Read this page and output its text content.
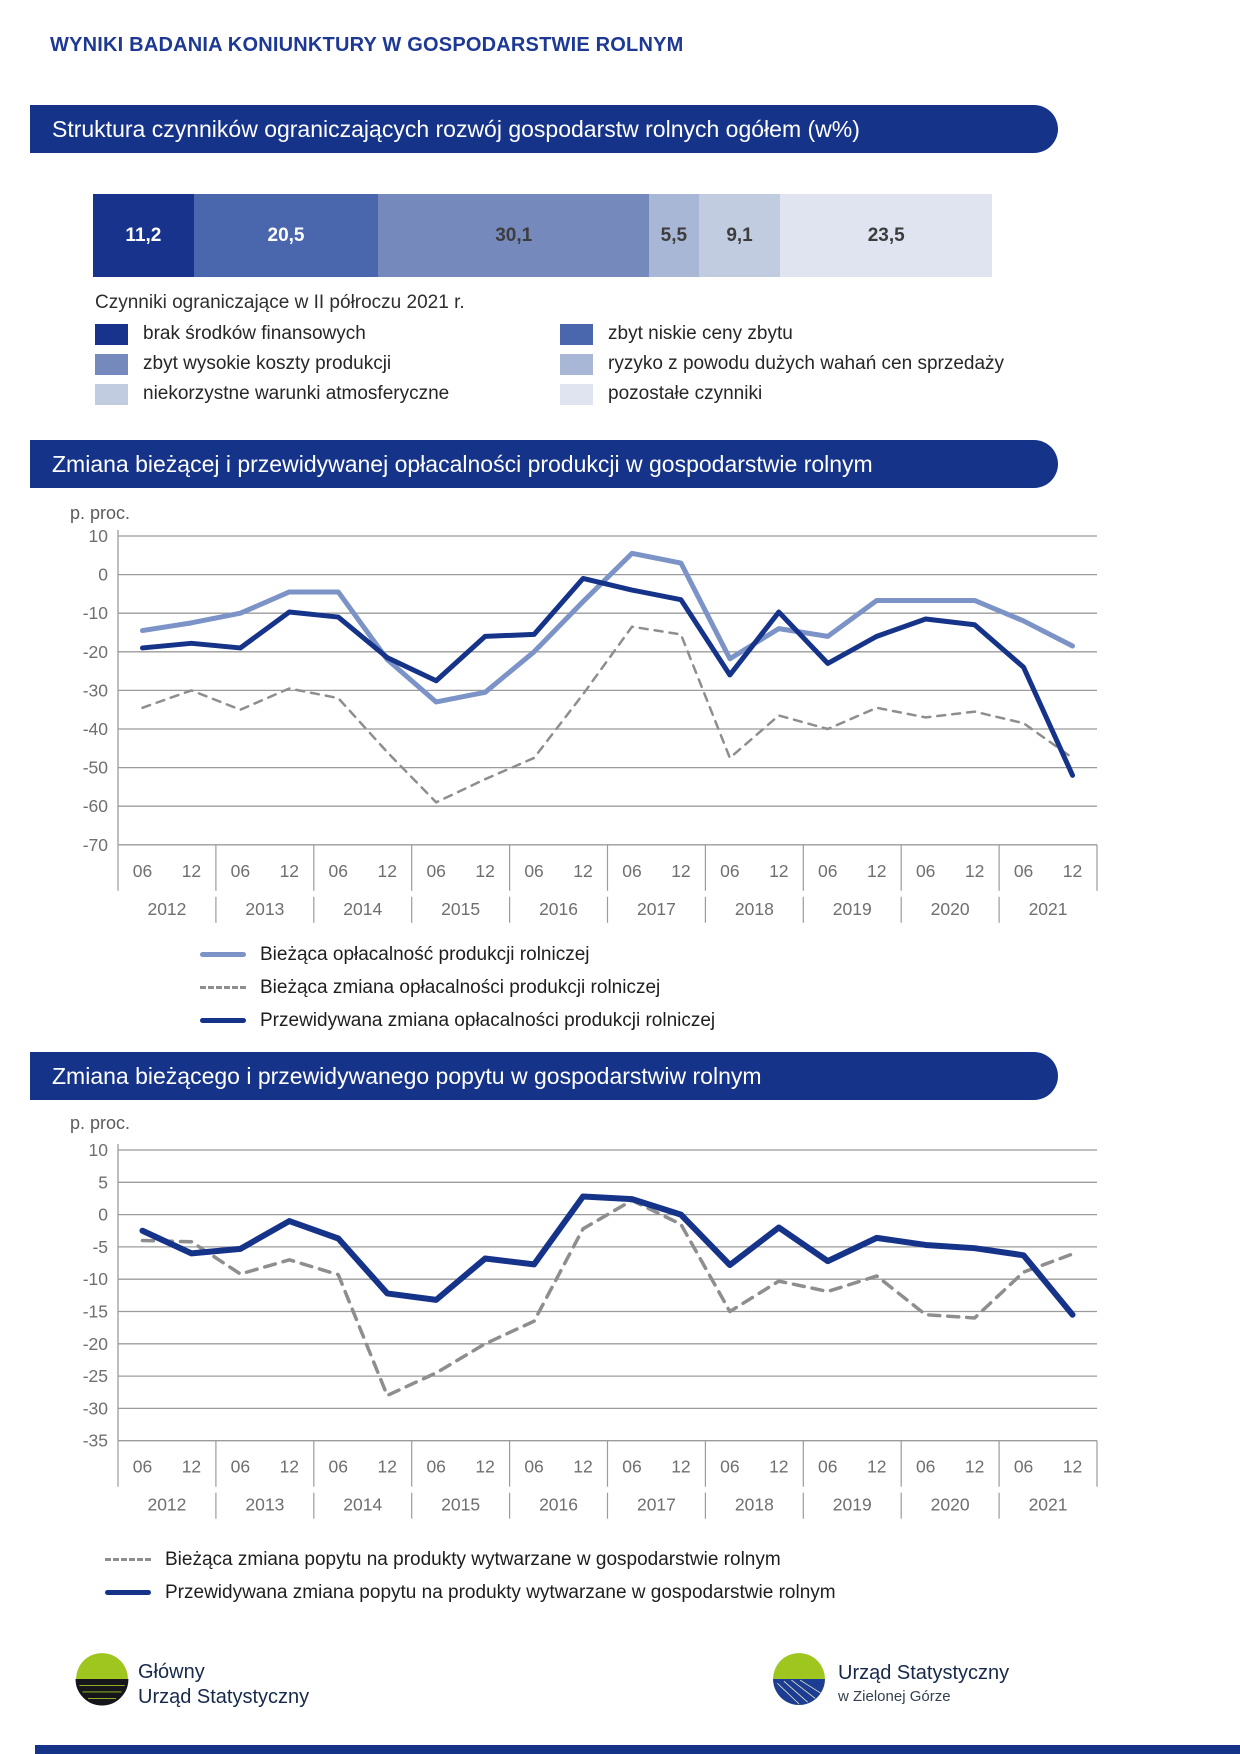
WYNIKI BADANIA KONIUNKTURY W GOSPODARSTWIE ROLNYM
Struktura czynników ograniczających rozwój gospodarstw rolnych ogółem (w%)
11,2	20,5	30,1	5,5	9,1	23,5
Czynniki ograniczające w II półroczu 2021 r.
brak środków finansowych
zbyt wysokie koszty produkcji
niekorzystne warunki atmosferyczne
zbyt niskie ceny zbytu
ryzyko z powodu dużych wahań cen sprzedaży
pozostałe czynniki
Zmiana bieżącej i przewidywanej opłacalności produkcji w gospodarstwie rolnym
p. proc.
10
0
-10
-20
-30
-40
-50
-60
-70
06 12
2012
06 12
2013
06 12
2014
06 12
2015
06 12
2016
06 12
2017
06 12
2018
06 12
2019
06 12
2020
06 12
2021
Bieżąca opłacalność produkcji rolniczej
Bieżąca zmiana opłacalności produkcji rolniczej
Przewidywana zmiana opłacalności produkcji rolniczej
Zmiana bieżącego i przewidywanego popytu w gospodarstwiw rolnym
p. proc.
10
5
0
-5
-10
-15
-20
-25
-30
-35
06 12
2012
06 12
2013
06 12
2014
06 12
2015
06 12
2016
06 12
2017
06 12
2018
06 12
2019
06 12
2020
06 12
2021
Bieżąca zmiana popytu na produkty wytwarzane w gospodarstwie rolnym
Przewidywana zmiana popytu na produkty wytwarzane w gospodarstwie rolnym
Główny
Urząd Statystyczny
Urząd Statystyczny
w Zielonej Górze
